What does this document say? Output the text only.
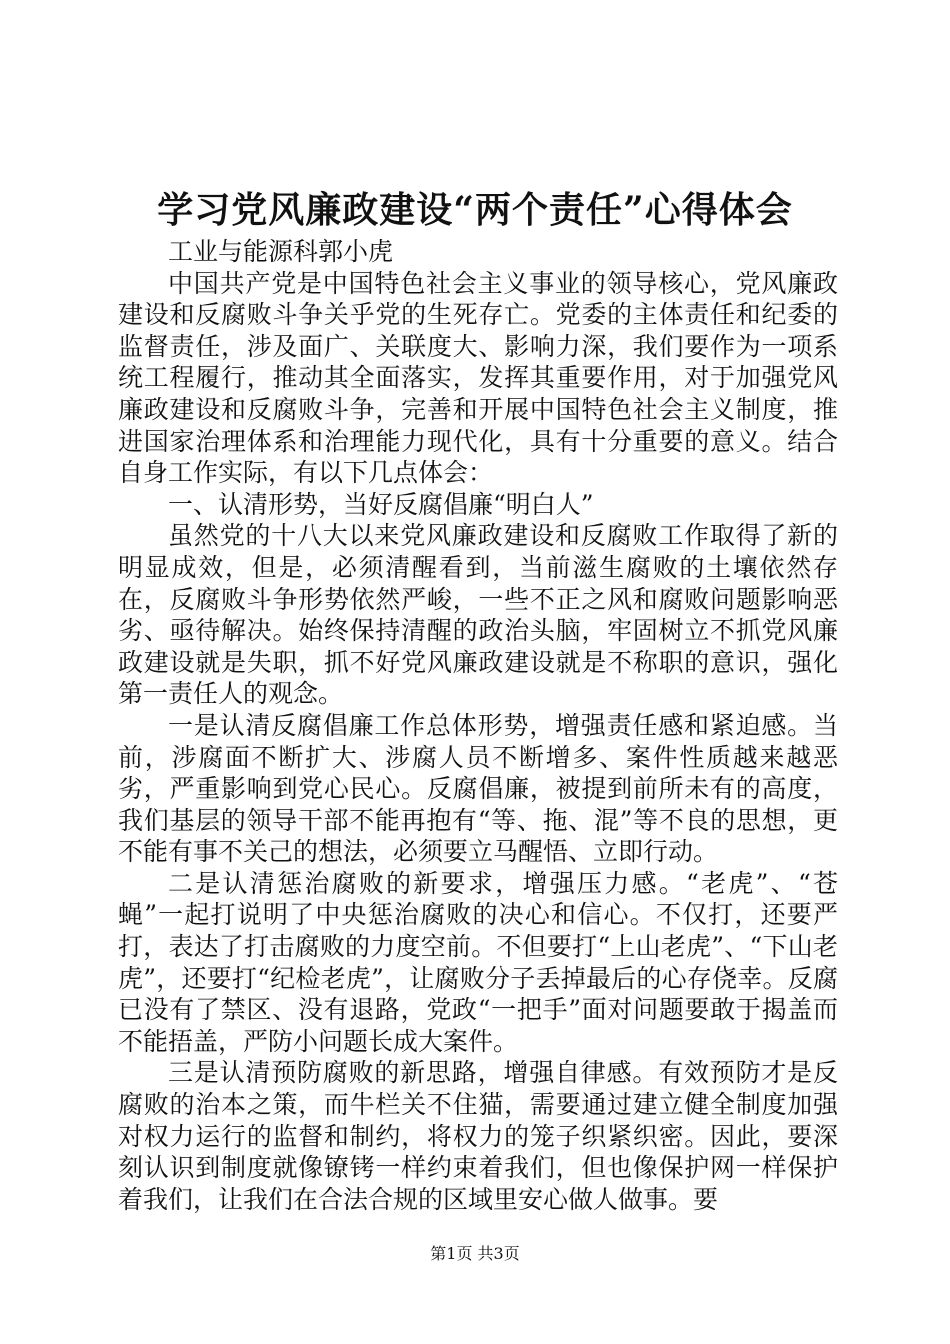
学习党风廉政建设“两个责任”心得体会

工业与能源科郭小虎

中国共产党是中国特色社会主义事业的领导核心，党风廉政建设和反腐败斗争关乎党的生死存亡。党委的主体责任和纪委的监督责任，涉及面广、关联度大、影响力深，我们要作为一项系统工程履行，推动其全面落实，发挥其重要作用，对于加强党风廉政建设和反腐败斗争，完善和开展中国特色社会主义制度，推进国家治理体系和治理能力现代化，具有十分重要的意义。结合自身工作实际，有以下几点体会：

一、认清形势，当好反腐倡廉“明白人”

虽然党的十八大以来党风廉政建设和反腐败工作取得了新的明显成效，但是，必须清醒看到，当前滋生腐败的土壤依然存在，反腐败斗争形势依然严峻，一些不正之风和腐败问题影响恶劣、亟待解决。始终保持清醒的政治头脑，牢固树立不抓党风廉政建设就是失职，抓不好党风廉政建设就是不称职的意识，强化第一责任人的观念。

一是认清反腐倡廉工作总体形势，增强责任感和紧迫感。当前，涉腐面不断扩大、涉腐人员不断增多、案件性质越来越恶劣，严重影响到党心民心。反腐倡廉，被提到前所未有的高度，我们基层的领导干部不能再抱有“等、拖、混”等不良的思想，更不能有事不关己的想法，必须要立马醒悟、立即行动。

二是认清惩治腐败的新要求，增强压力感。“老虎”、“苍蝇”一起打说明了中央惩治腐败的决心和信心。不仅打，还要严打，表达了打击腐败的力度空前。不但要打“上山老虎”、“下山老虎”，还要打“纪检老虎”，让腐败分子丢掉最后的心存侥幸。反腐已没有了禁区、没有退路，党政“一把手”面对问题要敢于揭盖而不能捂盖，严防小问题长成大案件。

三是认清预防腐败的新思路，增强自律感。有效预防才是反腐败的治本之策，而牛栏关不住猫，需要通过建立健全制度加强对权力运行的监督和制约，将权力的笼子织紧织密。因此，要深刻认识到制度就像镣铐一样约束着我们，但也像保护网一样保护着我们，让我们在合法合规的区域里安心做人做事。要

第1页 共3页
